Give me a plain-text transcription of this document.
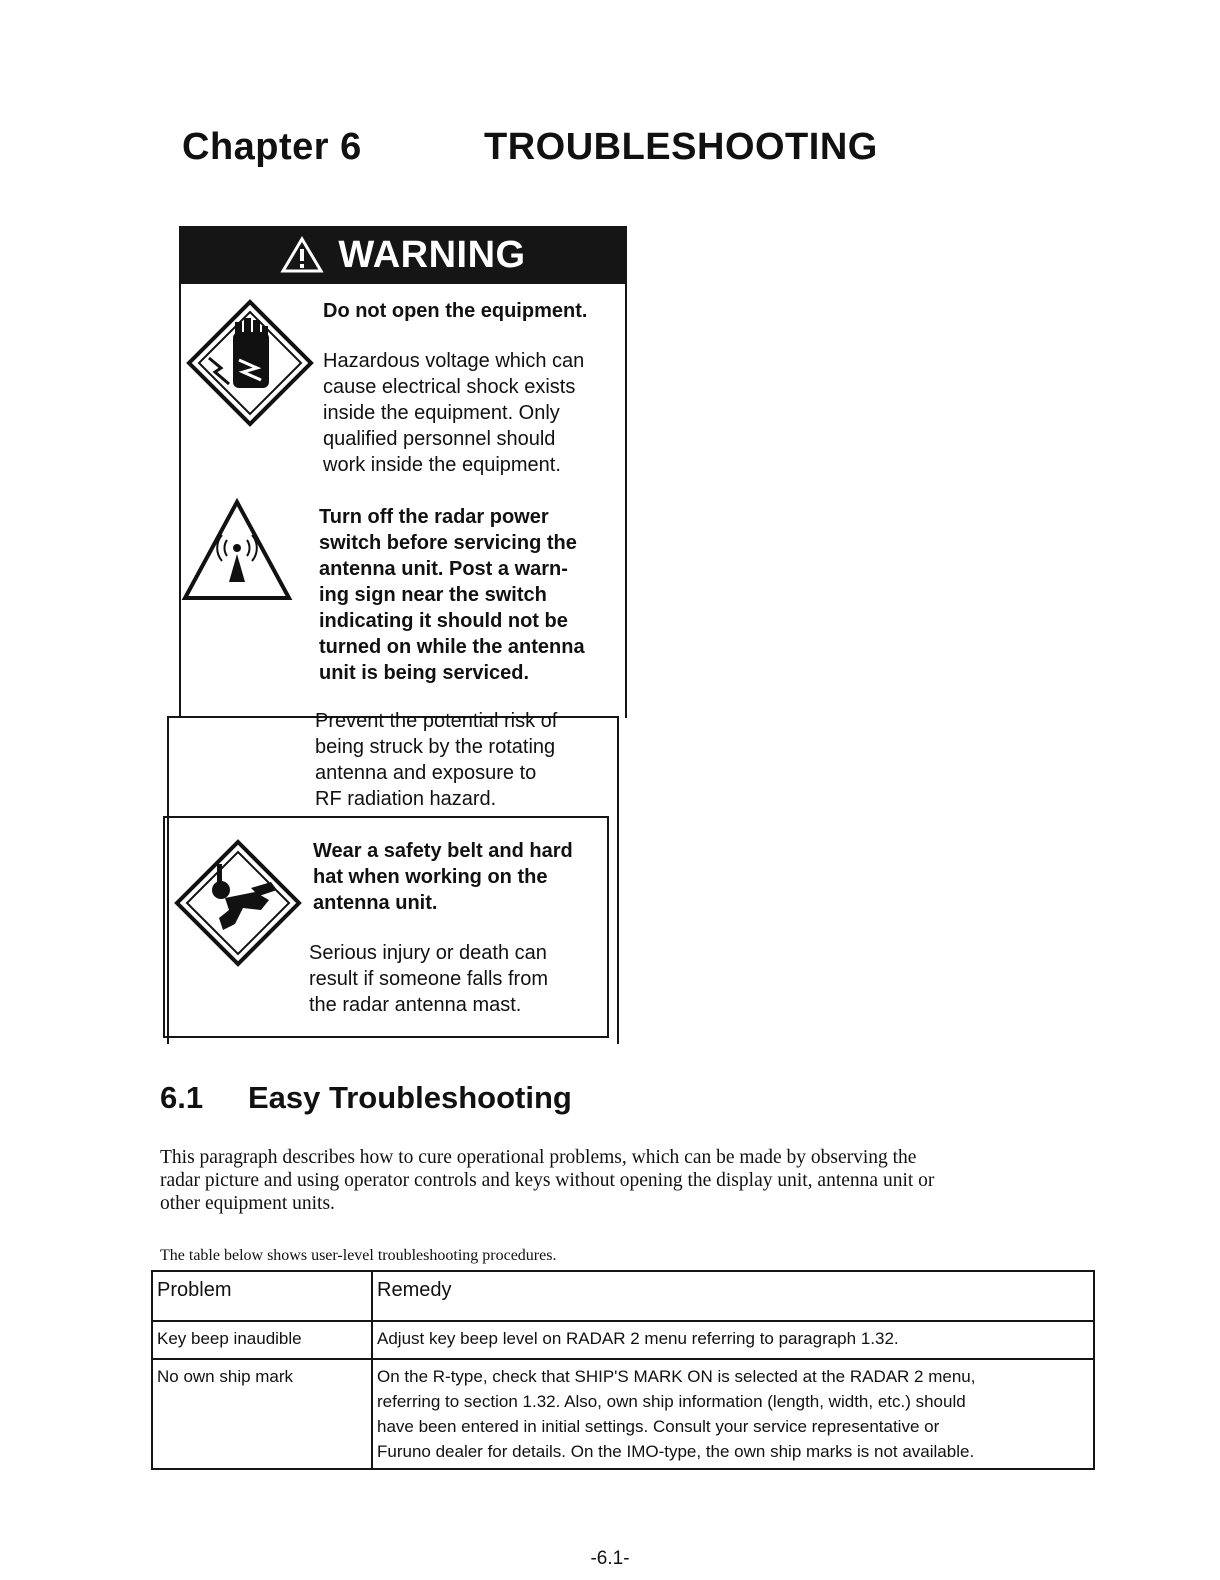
Chapter 6	TROUBLESHOOTING
WARNING
Do not open the equipment.
Hazardous voltage which can
cause electrical shock exists
inside the equipment. Only
qualified personnel should
work inside the equipment.
Turn off the radar power
switch before servicing the
antenna unit. Post a warn-
ing sign near the switch
indicating it should not be
turned on while the antenna
unit is being serviced.
Prevent the potential risk of
being struck by the rotating
antenna and exposure to
RF radiation hazard.
Wear a safety belt and hard
hat when working on the
antenna unit.
Serious injury or death can
result if someone falls from
the radar antenna mast.
6.1 Easy Troubleshooting
This paragraph describes how to cure operational problems, which can be made by observing the
radar picture and using operator controls and keys without opening the display unit, antenna unit or
other equipment units.
The table below shows user-level troubleshooting procedures.
Problem	Remedy
Key beep inaudible	Adjust key beep level on RADAR 2 menu referring to paragraph 1.32.

No own ship mark	On the R-type, check that SHIP'S MARK ON is selected at the RADAR 2 menu,
referring to section 1.32. Also, own ship information (length, width, etc.) should
have been entered in initial settings. Consult your service representative or
Furuno dealer for details. On the IMO-type, the own ship marks is not available.
-6.1-
